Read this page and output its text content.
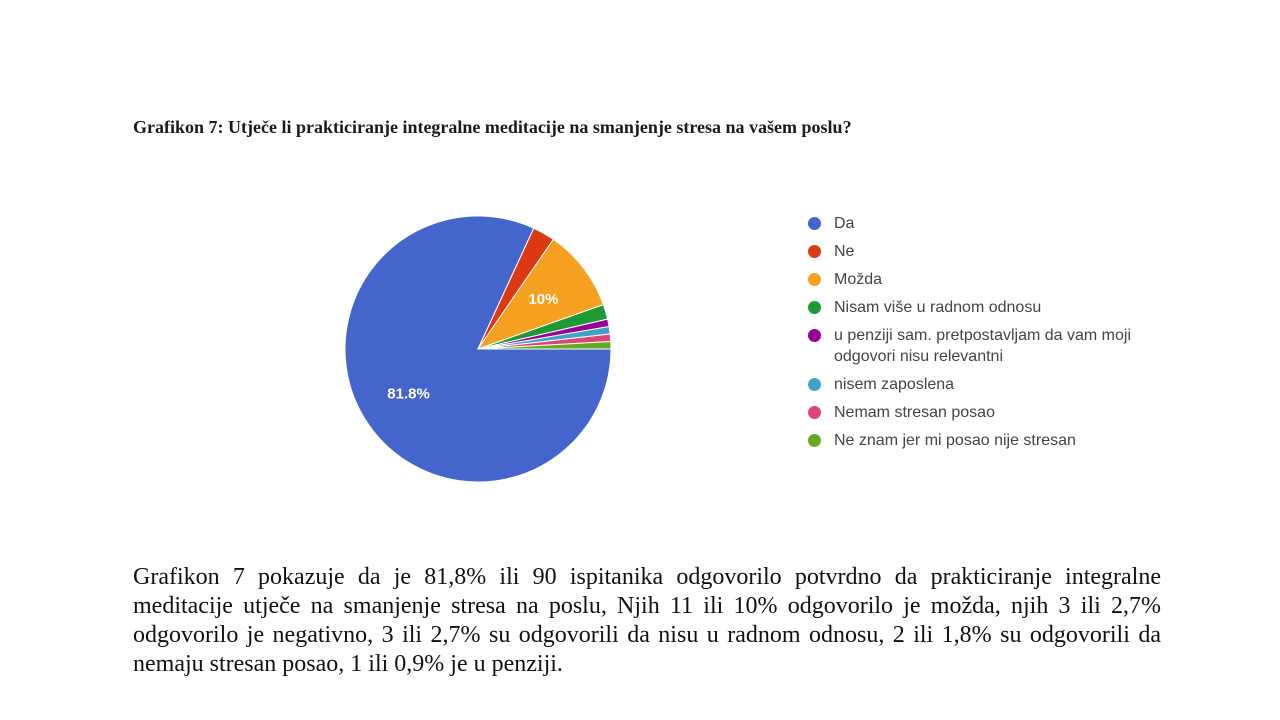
Grafikon 7: Utječe li prakticiranje integralne meditacije na smanjenje stresa na vašem poslu?
81.8%
10%
Da
Ne
Možda
Nisam više u radnom odnosu
u penziji sam. pretpostavljam da vam moji odgovori nisu relevantni
nisem zaposlena
Nemam stresan posao
Ne znam jer mi posao nije stresan
Grafikon 7 pokazuje da je 81,8% ili 90 ispitanika odgovorilo potvrdno da prakticiranje integralne meditacije utječe na smanjenje stresa na poslu, Njih 11 ili 10% odgovorilo je možda, njih 3 ili 2,7% odgovorilo je negativno, 3 ili 2,7% su odgovorili da nisu u radnom odnosu, 2 ili 1,8% su odgovorili da nemaju stresan posao, 1 ili 0,9% je u penziji.
